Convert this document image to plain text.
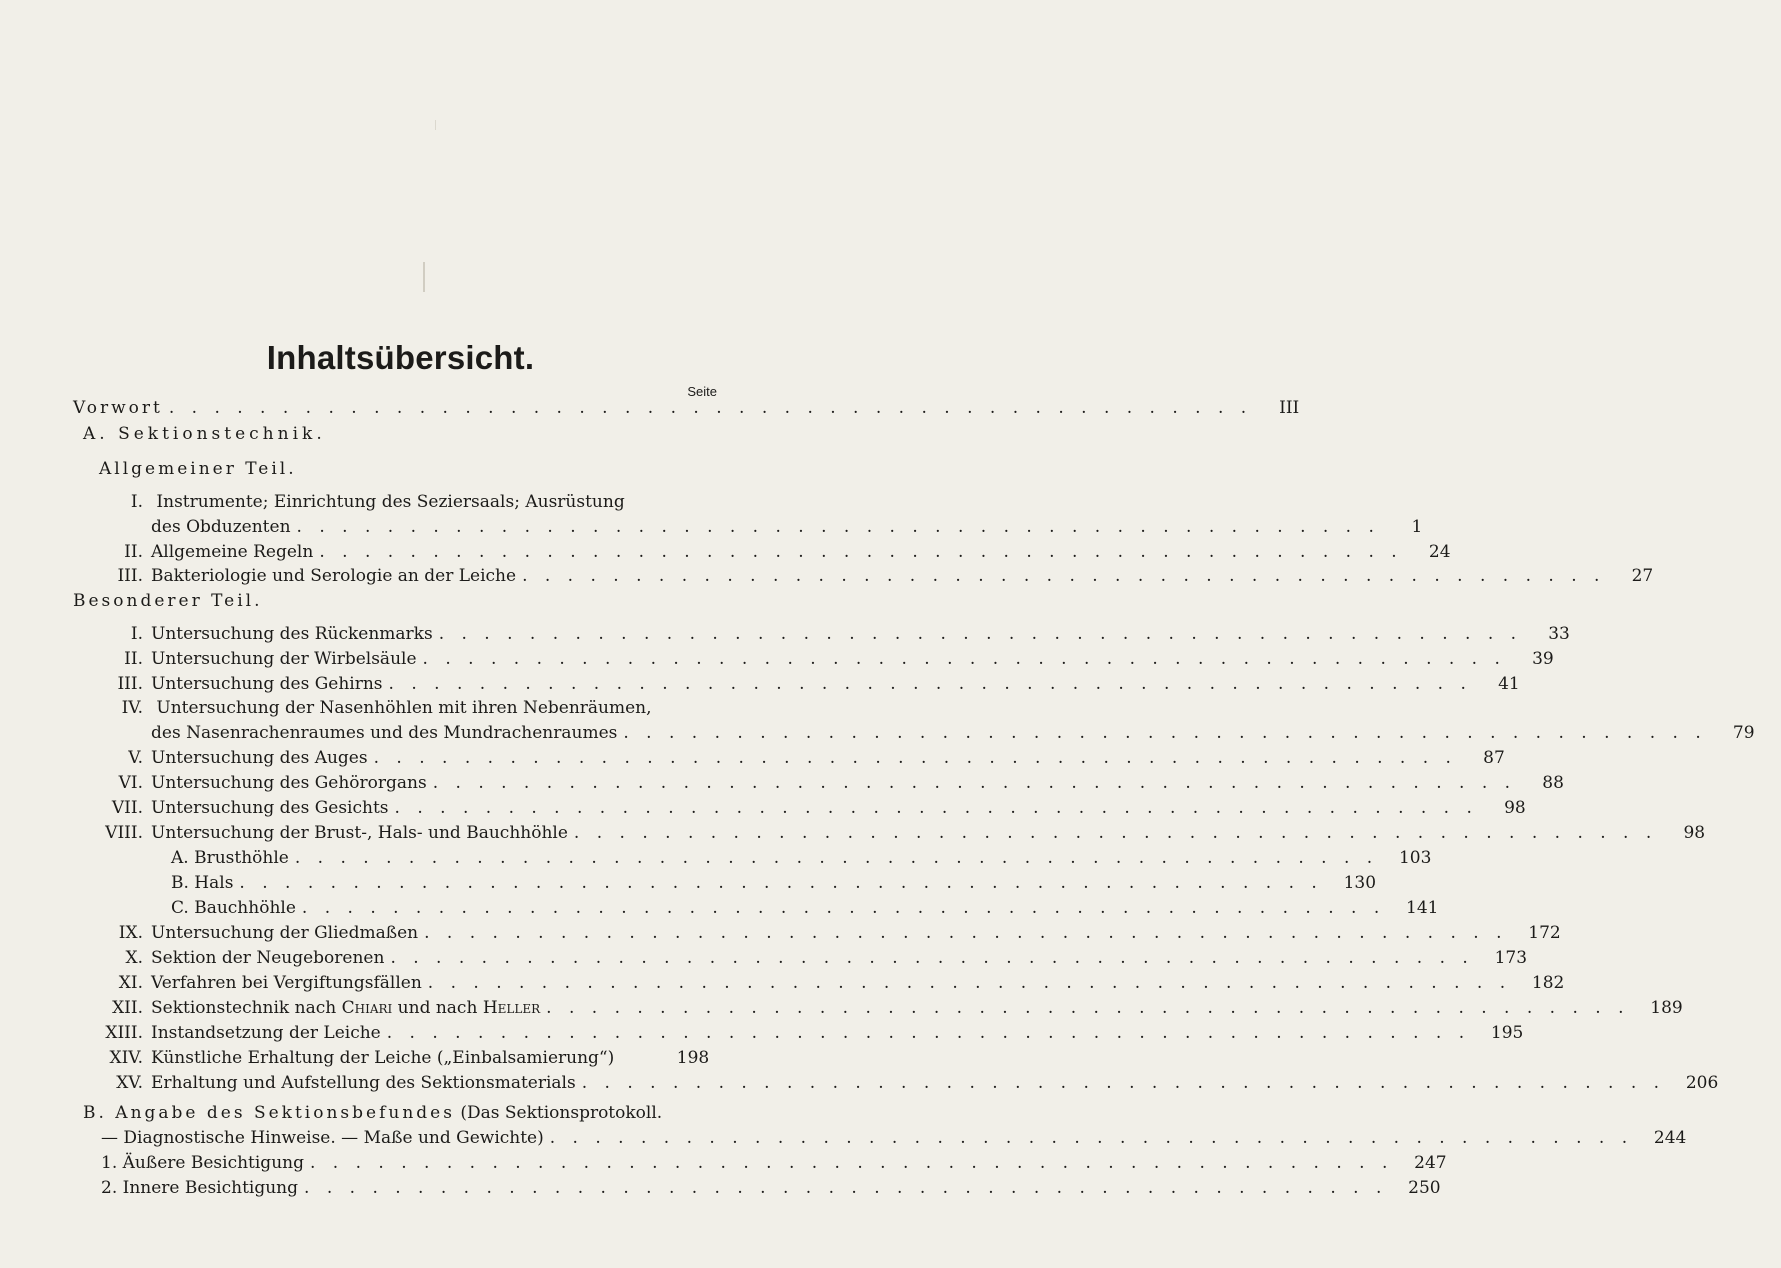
Inhaltsübersicht.
Seite
Vorwort . . . . . . . . . . . . . . . . . . . . . . . . . . . . . . . . . . . . . . . . . . . . . . . .	III
A. Sektionstechnik.
Allgemeiner Teil.
I. Instrumente; Einrichtung des Seziersaals; Ausrüstung
des Obduzenten . . . . . . . . . . . . . . . . . . . . . . . . . . . . . . . . . . . . . . . . . . . . . . . .	1
II. Allgemeine Regeln . . . . . . . . . . . . . . . . . . . . . . . . . . . . . . . . . . . . . . . . . . . . . . . .	24
III. Bakteriologie und Serologie an der Leiche . . . . . . . . . . . . . . . . . . . . . . . . . . . . . . . . . . . . . . . . . . . . . . . .	27
Besonderer Teil.
I. Untersuchung des Rückenmarks . . . . . . . . . . . . . . . . . . . . . . . . . . . . . . . . . . . . . . . . . . . . . . . .	33
II. Untersuchung der Wirbelsäule . . . . . . . . . . . . . . . . . . . . . . . . . . . . . . . . . . . . . . . . . . . . . . . .	39
III. Untersuchung des Gehirns . . . . . . . . . . . . . . . . . . . . . . . . . . . . . . . . . . . . . . . . . . . . . . . .	41
IV. Untersuchung der Nasenhöhlen mit ihren Nebenräumen,
des Nasenrachenraumes und des Mundrachenraumes . . . . . . . . . . . . . . . . . . . . . . . . . . . . . . . . . . . . . . . . . . . . . . . .	79
V. Untersuchung des Auges . . . . . . . . . . . . . . . . . . . . . . . . . . . . . . . . . . . . . . . . . . . . . . . .	87
VI. Untersuchung des Gehörorgans . . . . . . . . . . . . . . . . . . . . . . . . . . . . . . . . . . . . . . . . . . . . . . . .	88
VII. Untersuchung des Gesichts . . . . . . . . . . . . . . . . . . . . . . . . . . . . . . . . . . . . . . . . . . . . . . . .	98
VIII. Untersuchung der Brust-, Hals- und Bauchhöhle . . . . . . . . . . . . . . . . . . . . . . . . . . . . . . . . . . . . . . . . . . . . . . . .	98
A. Brusthöhle . . . . . . . . . . . . . . . . . . . . . . . . . . . . . . . . . . . . . . . . . . . . . . . .	103
B. Hals . . . . . . . . . . . . . . . . . . . . . . . . . . . . . . . . . . . . . . . . . . . . . . . .	130
C. Bauchhöhle . . . . . . . . . . . . . . . . . . . . . . . . . . . . . . . . . . . . . . . . . . . . . . . .	141
IX. Untersuchung der Gliedmaßen . . . . . . . . . . . . . . . . . . . . . . . . . . . . . . . . . . . . . . . . . . . . . . . .	172
X. Sektion der Neugeborenen . . . . . . . . . . . . . . . . . . . . . . . . . . . . . . . . . . . . . . . . . . . . . . . .	173
XI. Verfahren bei Vergiftungsfällen . . . . . . . . . . . . . . . . . . . . . . . . . . . . . . . . . . . . . . . . . . . . . . . .	182
XII. Sektionstechnik nach Chiari und nach Heller . . . . . . . . . . . . . . . . . . . . . . . . . . . . . . . . . . . . . . . . . . . . . . . .	189
XIII. Instandsetzung der Leiche . . . . . . . . . . . . . . . . . . . . . . . . . . . . . . . . . . . . . . . . . . . . . . . .	195
XIV. Künstliche Erhaltung der Leiche („Einbalsamierung“)	198
XV. Erhaltung und Aufstellung des Sektionsmaterials . . . . . . . . . . . . . . . . . . . . . . . . . . . . . . . . . . . . . . . . . . . . . . . .	206
B. Angabe des Sektionsbefundes (Das Sektionsprotokoll.
— Diagnostische Hinweise. — Maße und Gewichte) . . . . . . . . . . . . . . . . . . . . . . . . . . . . . . . . . . . . . . . . . . . . . . . .	244
1. Äußere Besichtigung . . . . . . . . . . . . . . . . . . . . . . . . . . . . . . . . . . . . . . . . . . . . . . . .	247
2. Innere Besichtigung . . . . . . . . . . . . . . . . . . . . . . . . . . . . . . . . . . . . . . . . . . . . . . . .	250
